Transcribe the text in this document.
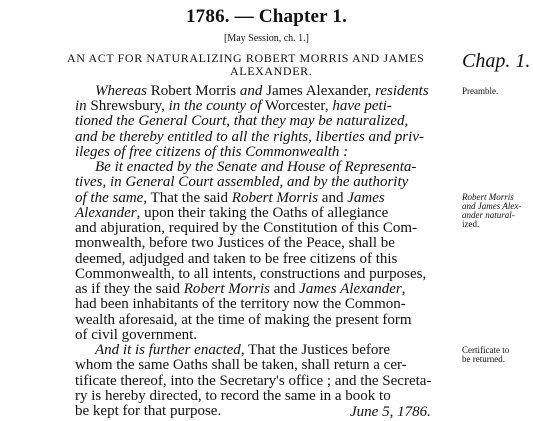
1786. — Chapter 1.
[May Session, ch. 1.]
AN ACT FOR NATURALIZING ROBERT MORRIS AND JAMES
ALEXANDER.	Chap. 1.
Preamble.
Robert Morris
and James Alex-
ander natural-
ized.
Certificate to
be returned.
Whereas Robert Morris and James Alexander, residents
in Shrewsbury, in the county of Worcester, have peti-
tioned the General Court, that they may be naturalized,
and be thereby entitled to all the rights, liberties and priv-
ileges of free citizens of this Commonwealth :
Be it enacted by the Senate and House of Representa-
tives, in General Court assembled, and by the authority
of the same, That the said Robert Morris and James
Alexander, upon their taking the Oaths of allegiance
and abjuration, required by the Constitution of this Com-
monwealth, before two Justices of the Peace, shall be
deemed, adjudged and taken to be free citizens of this
Commonwealth, to all intents, constructions and purposes,
as if they the said Robert Morris and James Alexander,
had been inhabitants of the territory now the Common-
wealth aforesaid, at the time of making the present form
of civil government.
And it is further enacted, That the Justices before
whom the same Oaths shall be taken, shall return a cer-
tificate thereof, into the Secretary's office ; and the Secreta-
ry is hereby directed, to record the same in a book to
be kept for that purpose.	June 5, 1786.
